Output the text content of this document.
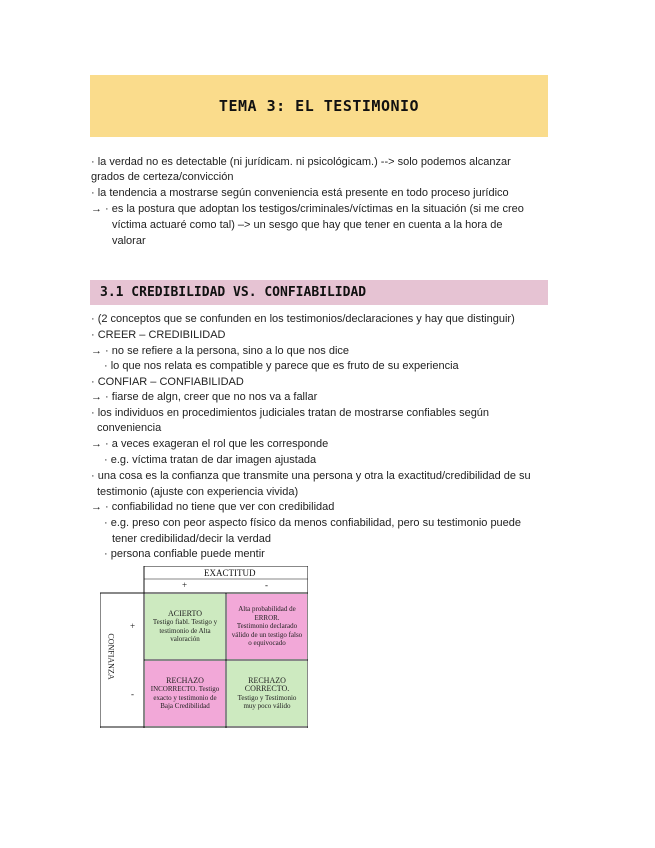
TEMA 3: EL TESTIMONIO
· la verdad no es detectable (ni jurídicam. ni psicológicam.) --> solo podemos alcanzar
grados de certeza/convicción
· la tendencia a mostrarse según conveniencia está presente en todo proceso jurídico
→ · es la postura que adoptan los testigos/criminales/víctimas en la situación (si me creo
víctima actuaré como tal) –> un sesgo que hay que tener en cuenta a la hora de
valorar
3.1 CREDIBILIDAD VS. CONFIABILIDAD
· (2 conceptos que se confunden en los testimonios/declaraciones y hay que distinguir)
· CREER – CREDIBILIDAD
→ · no se refiere a la persona, sino a lo que nos dice
· lo que nos relata es compatible y parece que es fruto de su experiencia
· CONFIAR – CONFIABILIDAD
→ · fiarse de algn, creer que no nos va a fallar
· los individuos en procedimientos judiciales tratan de mostrarse confiables según
conveniencia
→ · a veces exageran el rol que les corresponde
· e.g. víctima tratan de dar imagen ajustada
· una cosa es la confianza que transmite una persona y otra la exactitud/credibilidad de su
testimonio (ajuste con experiencia vivida)
→ · confiabilidad no tiene que ver con credibilidad
· e.g. preso con peor aspecto físico da menos confiabilidad, pero su testimonio puede
tener credibilidad/decir la verdad
· persona confiable puede mentir
EXACTITUD
+	-
CONFIANZA
+
-
ACIERTO
Testigo fiabl. Testigo y testimonio de Alta valoración
Alta probabilidad de ERROR.
Testimonio declarado válido de un testigo falso o equivocado
RECHAZO
INCORRECTO. Testigo exacto y testimonio de Baja Credibilidad
RECHAZO CORRECTO.
Testigo y Testimonio muy poco válido
